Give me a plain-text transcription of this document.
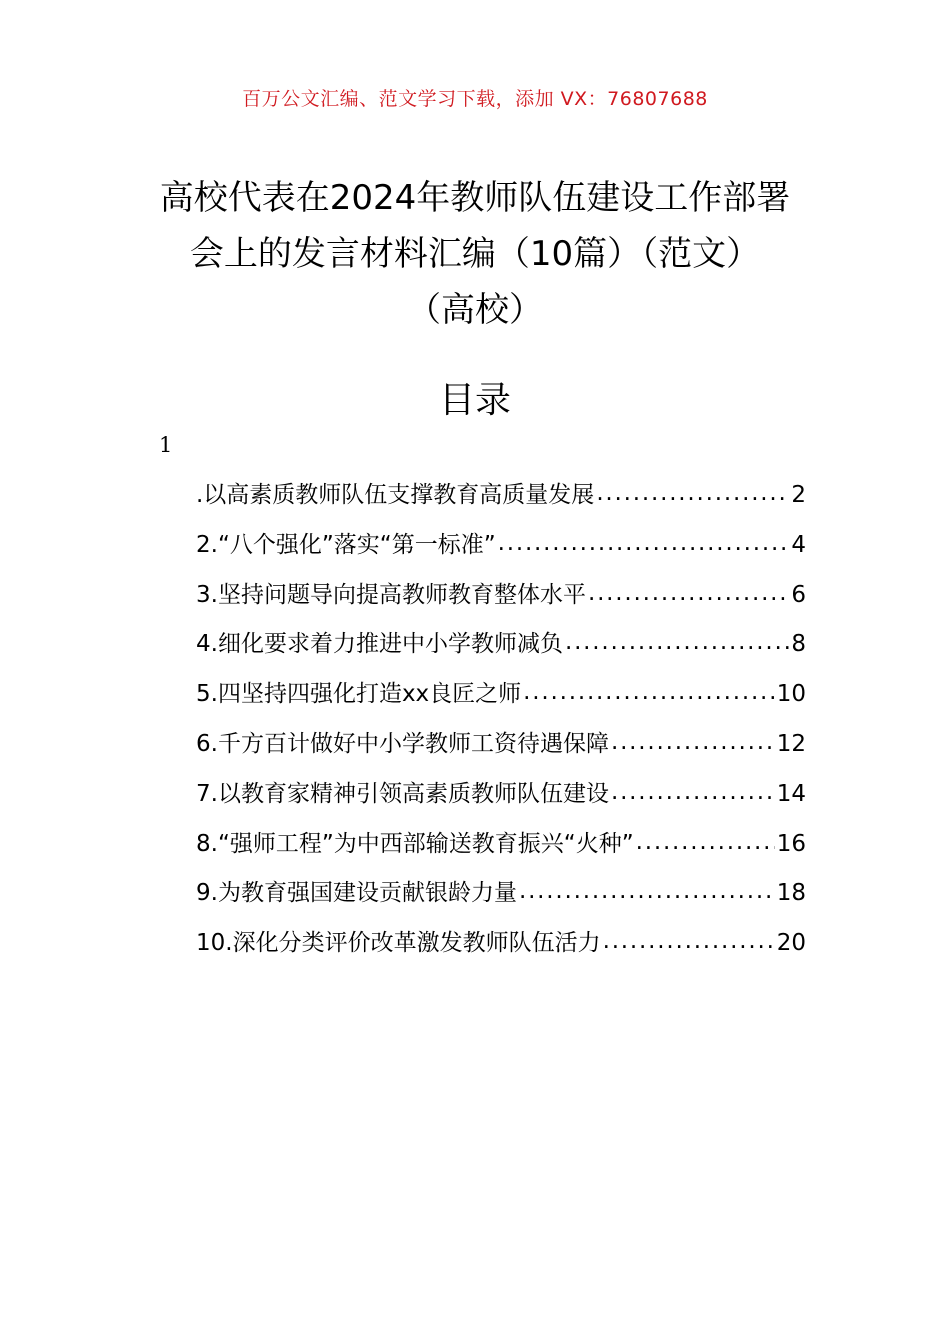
百万公文汇编、范文学习下载，添加 VX：76807688
高校代表在2024年教师队伍建设工作部署
会上的发言材料汇编（10篇）（范文）
（高校）
目录
1
.以高素质教师队伍支撑教育高质量发展 .....	2
2.“八个强化”落实“第一标准” .....	4
3.坚持问题导向提高教师教育整体水平 .....	6
4.细化要求着力推进中小学教师减负 .....	8
5.四坚持四强化打造xx良匠之师 .....	10
6.千方百计做好中小学教师工资待遇保障 .....	12
7.以教育家精神引领高素质教师队伍建设 .....	14
8.“强师工程”为中西部输送教育振兴“火种” .....	16
9.为教育强国建设贡献银龄力量 .....	18
10.深化分类评价改革激发教师队伍活力 .....	20
